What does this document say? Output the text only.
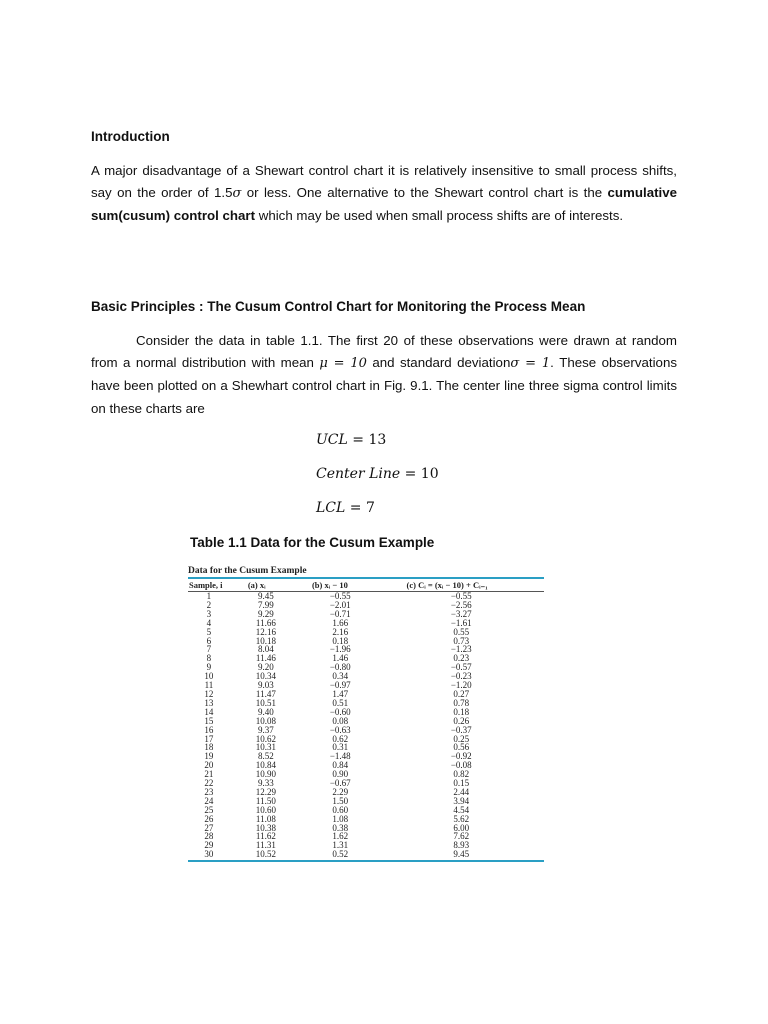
Introduction
A major disadvantage of a Shewart control chart it is relatively insensitive to small process shifts, say on the order of 1.5σ or less. One alternative to the Shewart control chart is the cumulative sum(cusum) control chart which may be used when small process shifts are of interests.
Basic Principles : The Cusum Control Chart for Monitoring the Process Mean
Consider the data in table 1.1. The first 20 of these observations were drawn at random from a normal distribution with mean μ = 10 and standard deviationσ = 1. These observations have been plotted on a Shewhart control chart in Fig. 9.1. The center line three sigma control limits on these charts are
UCL = 13
Center Line = 10
LCL = 7
Table 1.1 Data for the Cusum Example
Data for the Cusum Example
Sample, i	(a) xᵢ	(b) xᵢ − 10	(c) Cᵢ = (xᵢ − 10) + Cᵢ₋₁
1	9.45	−0.55	−0.55
2	7.99	−2.01	−2.56
3	9.29	−0.71	−3.27
4	11.66	1.66	−1.61
5	12.16	2.16	0.55
6	10.18	0.18	0.73
7	8.04	−1.96	−1.23
8	11.46	1.46	0.23
9	9.20	−0.80	−0.57
10	10.34	0.34	−0.23
11	9.03	−0.97	−1.20
12	11.47	1.47	0.27
13	10.51	0.51	0.78
14	9.40	−0.60	0.18
15	10.08	0.08	0.26
16	9.37	−0.63	−0.37
17	10.62	0.62	0.25
18	10.31	0.31	0.56
19	8.52	−1.48	−0.92
20	10.84	0.84	−0.08
21	10.90	0.90	0.82
22	9.33	−0.67	0.15
23	12.29	2.29	2.44
24	11.50	1.50	3.94
25	10.60	0.60	4.54
26	11.08	1.08	5.62
27	10.38	0.38	6.00
28	11.62	1.62	7.62
29	11.31	1.31	8.93
30	10.52	0.52	9.45
